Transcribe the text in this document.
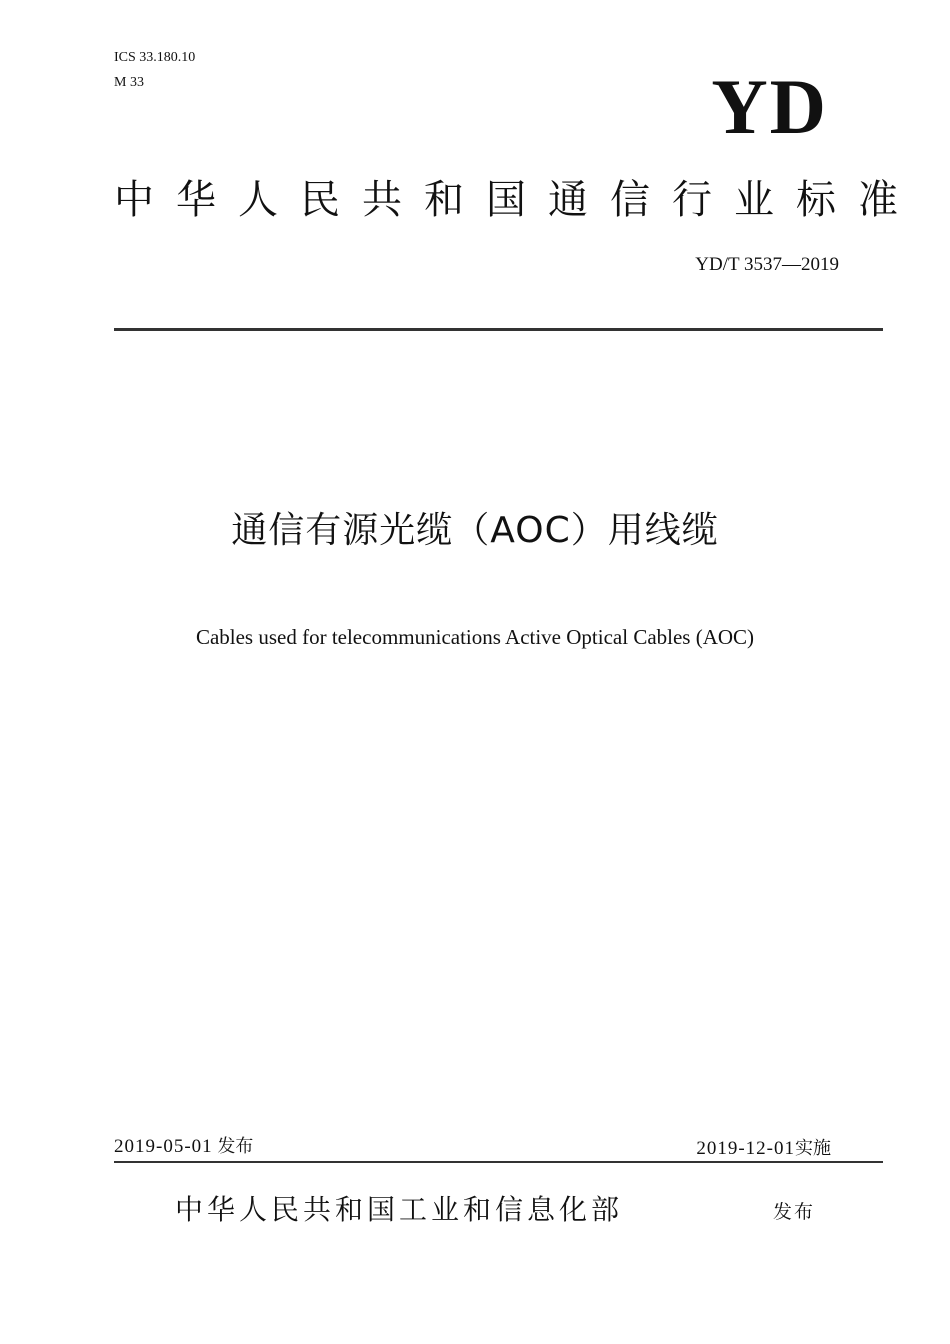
ICS 33.180.10
M 33	YD
中华人民共和国通信行业标准
YD/T 3537—2019
通信有源光缆（AOC）用线缆
Cables used for telecommunications Active Optical Cables (AOC)
2019-05-01 发布	2019-12-01实施
中华人民共和国工业和信息化部	发布
